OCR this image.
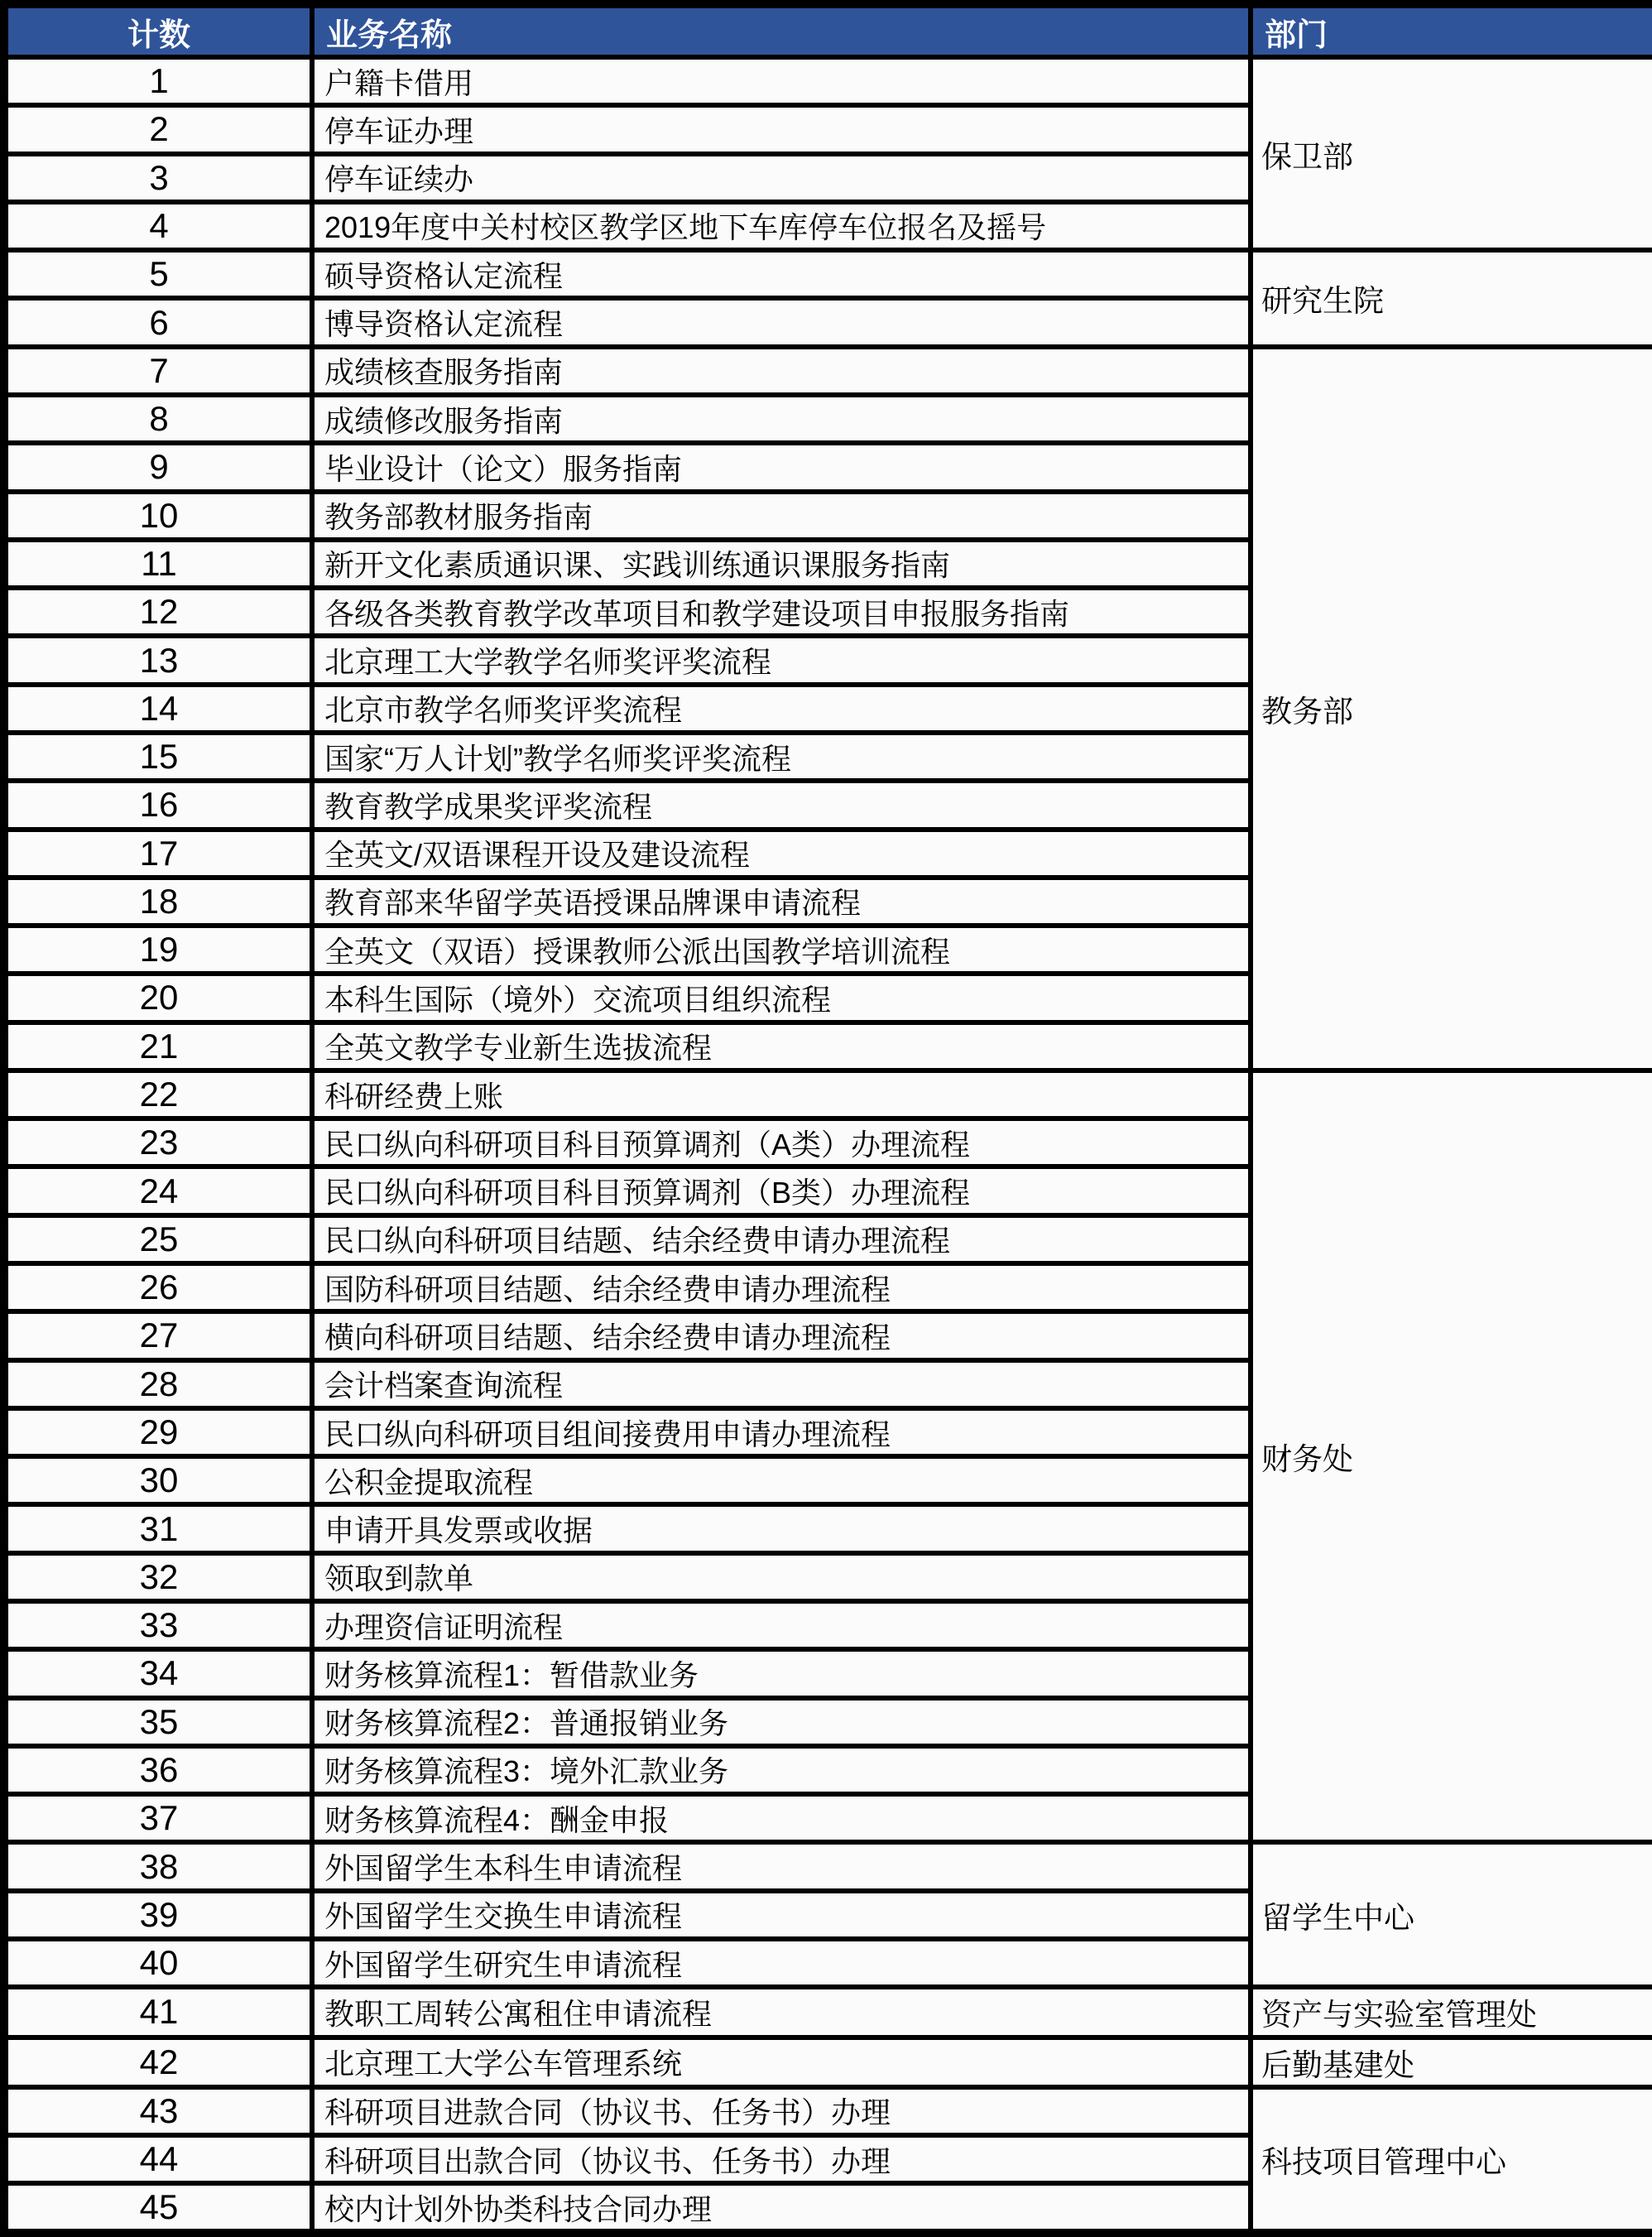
计数	业务名称	部门
1	户籍卡借用	保卫部
2	停车证办理	
3	停车证续办	
4	2019年度中关村校区教学区地下车库停车位报名及摇号	
5	硕导资格认定流程	研究生院
6	博导资格认定流程	
7	成绩核查服务指南	教务部
8	成绩修改服务指南	
9	毕业设计（论文）服务指南	
10	教务部教材服务指南	
11	新开文化素质通识课、实践训练通识课服务指南	
12	各级各类教育教学改革项目和教学建设项目申报服务指南	
13	北京理工大学教学名师奖评奖流程	
14	北京市教学名师奖评奖流程	
15	国家“万人计划”教学名师奖评奖流程	
16	教育教学成果奖评奖流程	
17	全英文/双语课程开设及建设流程	
18	教育部来华留学英语授课品牌课申请流程	
19	全英文（双语）授课教师公派出国教学培训流程	
20	本科生国际（境外）交流项目组织流程	
21	全英文教学专业新生选拔流程	
22	科研经费上账	财务处
23	民口纵向科研项目科目预算调剂（A类）办理流程	
24	民口纵向科研项目科目预算调剂（B类）办理流程	
25	民口纵向科研项目结题、结余经费申请办理流程	
26	国防科研项目结题、结余经费申请办理流程	
27	横向科研项目结题、结余经费申请办理流程	
28	会计档案查询流程	
29	民口纵向科研项目组间接费用申请办理流程	
30	公积金提取流程	
31	申请开具发票或收据	
32	领取到款单	
33	办理资信证明流程	
34	财务核算流程1：暂借款业务	
35	财务核算流程2：普通报销业务	
36	财务核算流程3：境外汇款业务	
37	财务核算流程4：酬金申报	
38	外国留学生本科生申请流程	留学生中心
39	外国留学生交换生申请流程	
40	外国留学生研究生申请流程	
41	教职工周转公寓租住申请流程	资产与实验室管理处
42	北京理工大学公车管理系统	后勤基建处
43	科研项目进款合同（协议书、任务书）办理	科技项目管理中心
44	科研项目出款合同（协议书、任务书）办理	
45	校内计划外协类科技合同办理	
